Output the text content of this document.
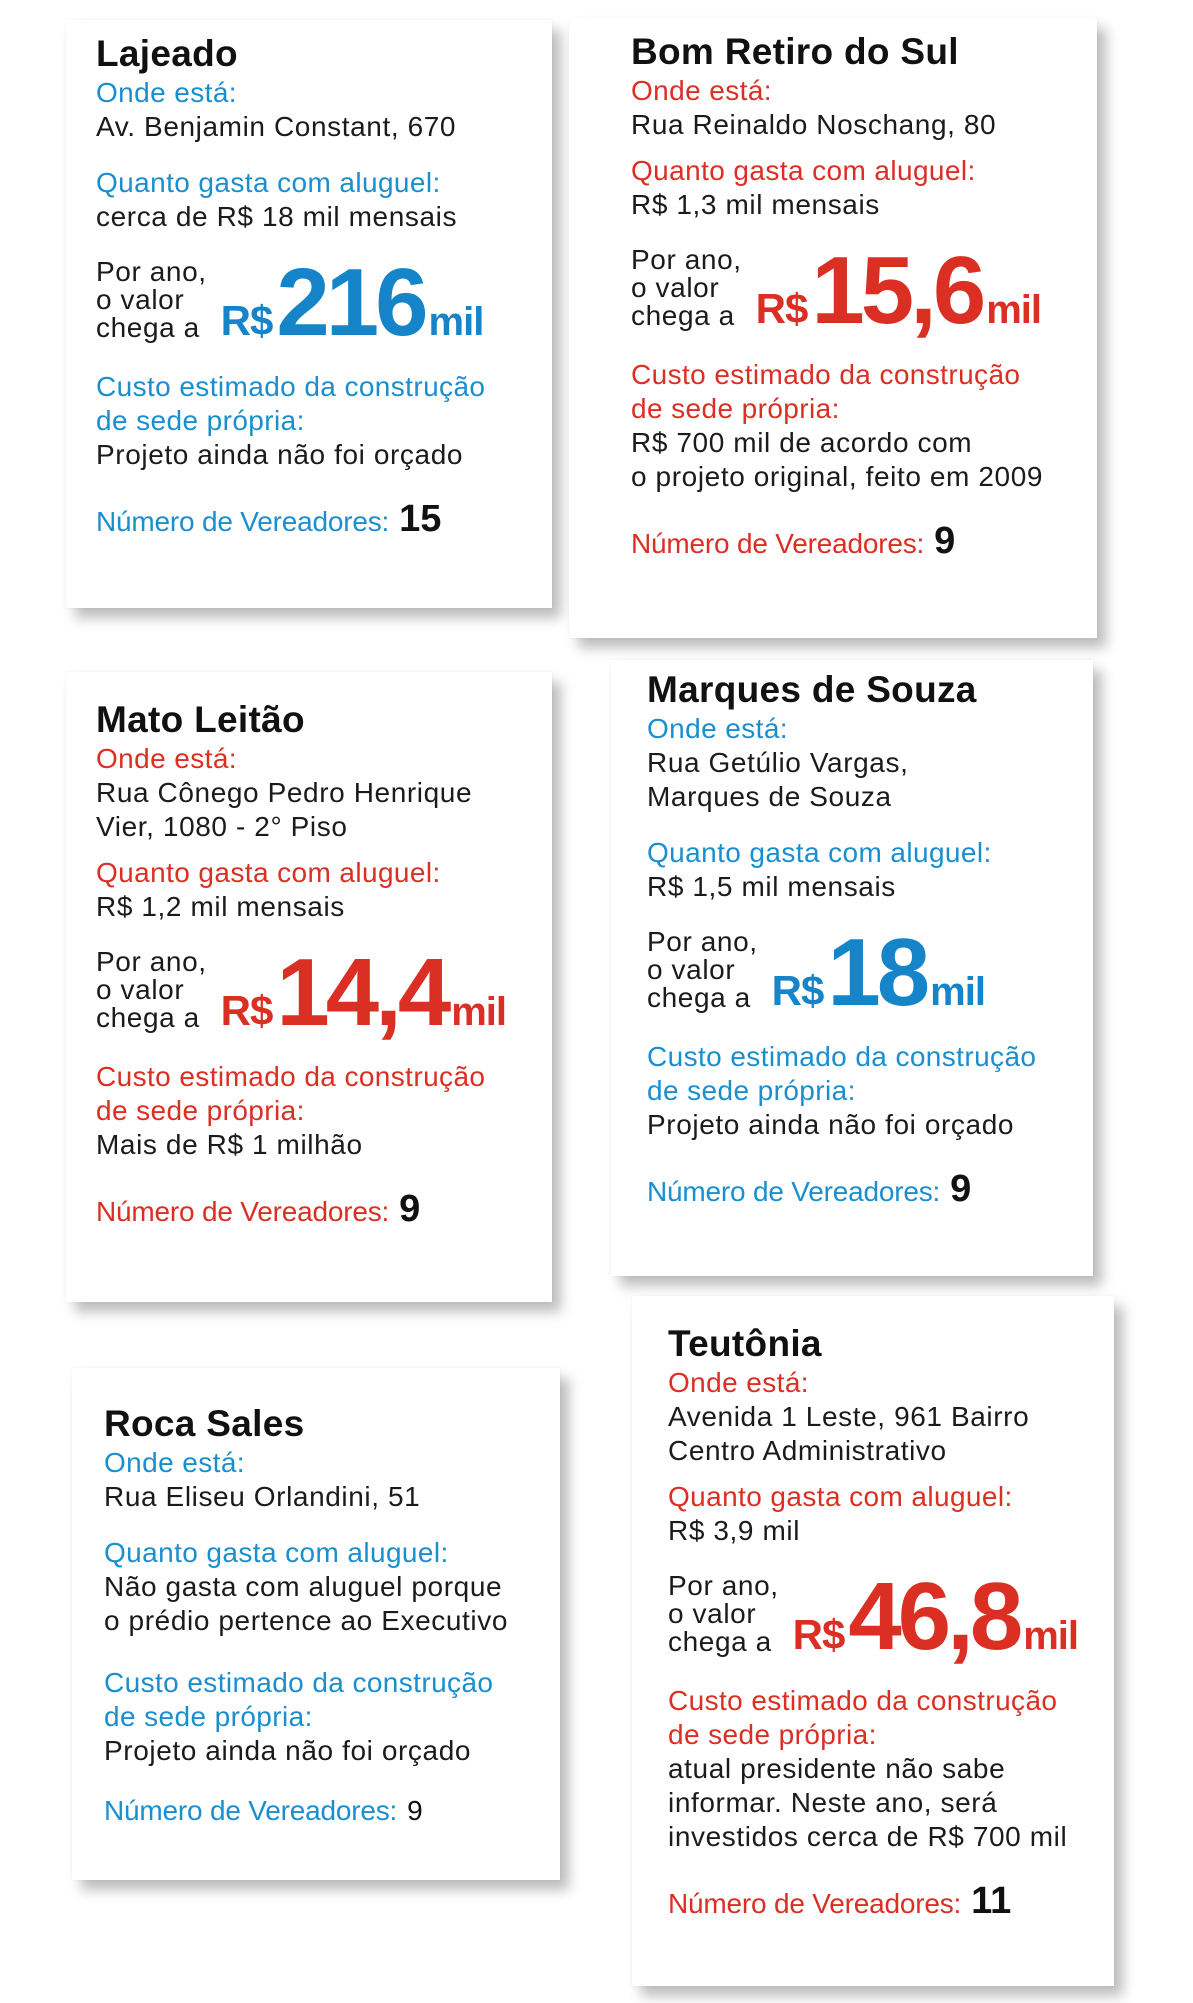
Lajeado
Onde está:
Av. Benjamin Constant, 670
Quanto gasta com aluguel:
cerca de R$ 18 mil mensais
Por ano,
o valor
chega a R$ 216 mil
Custo estimado da construção
de sede própria:
Projeto ainda não foi orçado
Número de Vereadores: 15
Bom Retiro do Sul
Onde está:
Rua Reinaldo Noschang, 80
Quanto gasta com aluguel:
R$ 1,3 mil mensais
Por ano,
o valor
chega a R$ 15,6 mil
Custo estimado da construção
de sede própria:
R$ 700 mil de acordo com
o projeto original, feito em 2009
Número de Vereadores: 9
Mato Leitão
Onde está:
Rua Cônego Pedro Henrique
Vier, 1080 - 2° Piso
Quanto gasta com aluguel:
R$ 1,2 mil mensais
Por ano,
o valor
chega a R$ 14,4 mil
Custo estimado da construção
de sede própria:
Mais de R$ 1 milhão
Número de Vereadores: 9
Marques de Souza
Onde está:
Rua Getúlio Vargas,
Marques de Souza
Quanto gasta com aluguel:
R$ 1,5 mil mensais
Por ano,
o valor
chega a R$ 18 mil
Custo estimado da construção
de sede própria:
Projeto ainda não foi orçado
Número de Vereadores: 9
Roca Sales
Onde está:
Rua Eliseu Orlandini, 51
Quanto gasta com aluguel:
Não gasta com aluguel porque
o prédio pertence ao Executivo
Custo estimado da construção
de sede própria:
Projeto ainda não foi orçado
Número de Vereadores: 9
Teutônia
Onde está:
Avenida 1 Leste, 961 Bairro
Centro Administrativo
Quanto gasta com aluguel:
R$ 3,9 mil
Por ano,
o valor
chega a R$ 46,8 mil
Custo estimado da construção
de sede própria:
atual presidente não sabe
informar. Neste ano, será
investidos cerca de R$ 700 mil
Número de Vereadores: 11
